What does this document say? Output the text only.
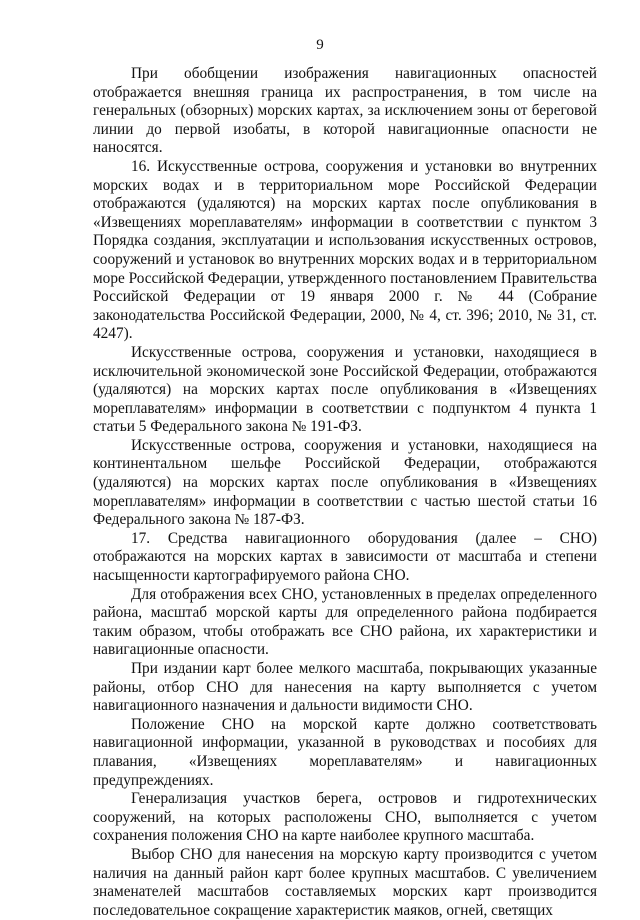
9

При обобщении изображения навигационных опасностей отображается внешняя граница их распространения, в том числе на генеральных (обзорных) морских картах, за исключением зоны от береговой линии до первой изобаты, в которой навигационные опасности не наносятся.

16. Искусственные острова, сооружения и установки во внутренних морских водах и в территориальном море Российской Федерации отображаются (удаляются) на морских картах после опубликования в «Извещениях мореплавателям» информации в соответствии с пунктом 3 Порядка создания, эксплуатации и использования искусственных островов, сооружений и установок во внутренних морских водах и в территориальном море Российской Федерации, утвержденного постановлением Правительства Российской Федерации от 19 января 2000 г. № 44 (Собрание законодательства Российской Федерации, 2000, № 4, ст. 396; 2010, № 31, ст. 4247).

Искусственные острова, сооружения и установки, находящиеся в исключительной экономической зоне Российской Федерации, отображаются (удаляются) на морских картах после опубликования в «Извещениях мореплавателям» информации в соответствии с подпунктом 4 пункта 1 статьи 5 Федерального закона № 191-ФЗ.

Искусственные острова, сооружения и установки, находящиеся на континентальном шельфе Российской Федерации, отображаются (удаляются) на морских картах после опубликования в «Извещениях мореплавателям» информации в соответствии с частью шестой статьи 16 Федерального закона № 187-ФЗ.

17. Средства навигационного оборудования (далее – СНО) отображаются на морских картах в зависимости от масштаба и степени насыщенности картографируемого района СНО.

Для отображения всех СНО, установленных в пределах определенного района, масштаб морской карты для определенного района подбирается таким образом, чтобы отображать все СНО района, их характеристики и навигационные опасности.

При издании карт более мелкого масштаба, покрывающих указанные районы, отбор СНО для нанесения на карту выполняется с учетом навигационного назначения и дальности видимости СНО.

Положение СНО на морской карте должно соответствовать навигационной информации, указанной в руководствах и пособиях для плавания, «Извещениях мореплавателям» и навигационных предупреждениях.

Генерализация участков берега, островов и гидротехнических сооружений, на которых расположены СНО, выполняется с учетом сохранения положения СНО на карте наиболее крупного масштаба.

Выбор СНО для нанесения на морскую карту производится с учетом наличия на данный район карт более крупных масштабов. С увеличением знаменателей масштабов составляемых морских карт производится последовательное сокращение характеристик маяков, огней, светящих
